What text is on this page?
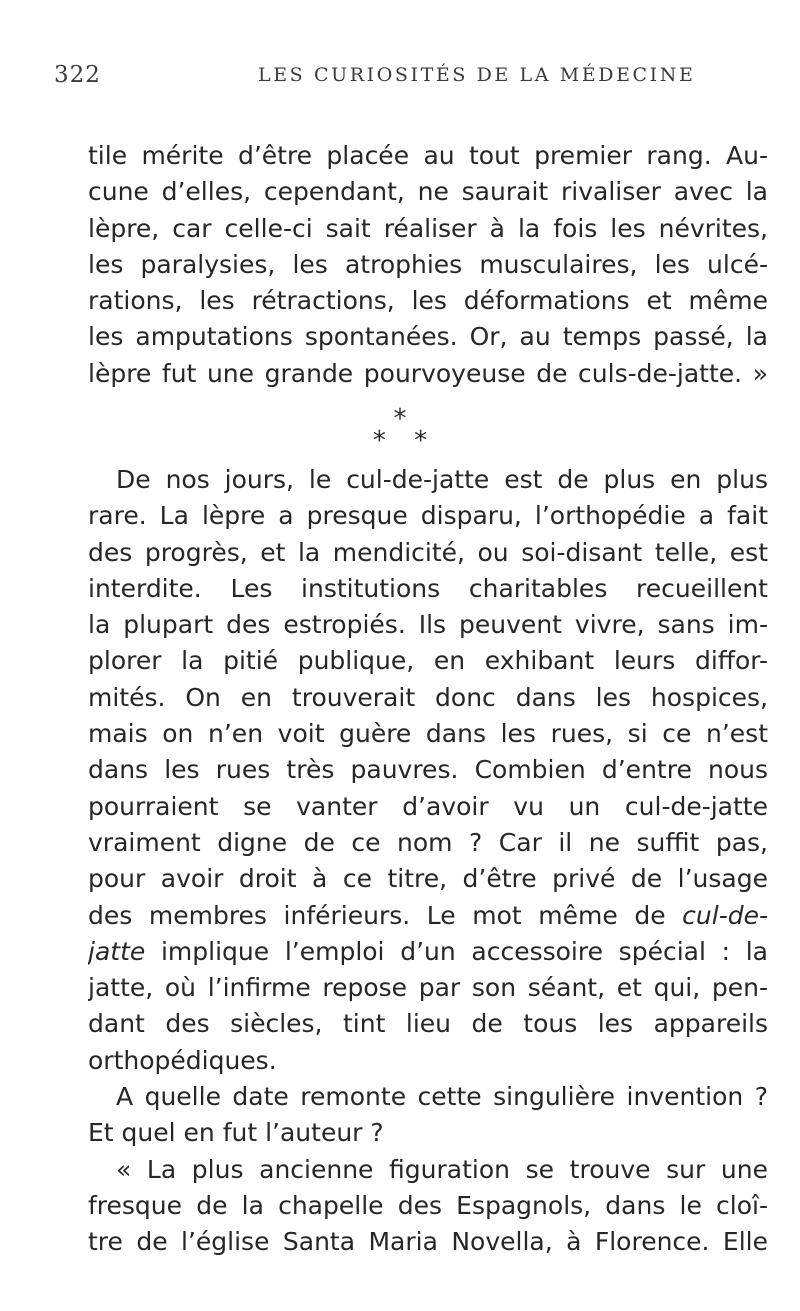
322	LES CURIOSITÉS DE LA MÉDECINE
tile mérite d’être placée au tout premier rang. Au-
cune d’elles, cependant, ne saurait rivaliser avec la
lèpre, car celle-ci sait réaliser à la fois les névrites,
les paralysies, les atrophies musculaires, les ulcé-
rations, les rétractions, les déformations et même
les amputations spontanées. Or, au temps passé, la
lèpre fut une grande pourvoyeuse de culs-de-jatte. »
*
* *
De nos jours, le cul-de-jatte est de plus en plus
rare. La lèpre a presque disparu, l’orthopédie a fait
des progrès, et la mendicité, ou soi-disant telle, est
interdite. Les institutions charitables recueillent
la plupart des estropiés. Ils peuvent vivre, sans im-
plorer la pitié publique, en exhibant leurs diffor-
mités. On en trouverait donc dans les hospices,
mais on n’en voit guère dans les rues, si ce n’est
dans les rues très pauvres. Combien d’entre nous
pourraient se vanter d’avoir vu un cul-de-jatte
vraiment digne de ce nom ? Car il ne suffit pas,
pour avoir droit à ce titre, d’être privé de l’usage
des membres inférieurs. Le mot même de cul-de-
jatte implique l’emploi d’un accessoire spécial : la
jatte, où l’infirme repose par son séant, et qui, pen-
dant des siècles, tint lieu de tous les appareils
orthopédiques.
A quelle date remonte cette singulière invention ?
Et quel en fut l’auteur ?
« La plus ancienne figuration se trouve sur une
fresque de la chapelle des Espagnols, dans le cloî-
tre de l’église Santa Maria Novella, à Florence. Elle
